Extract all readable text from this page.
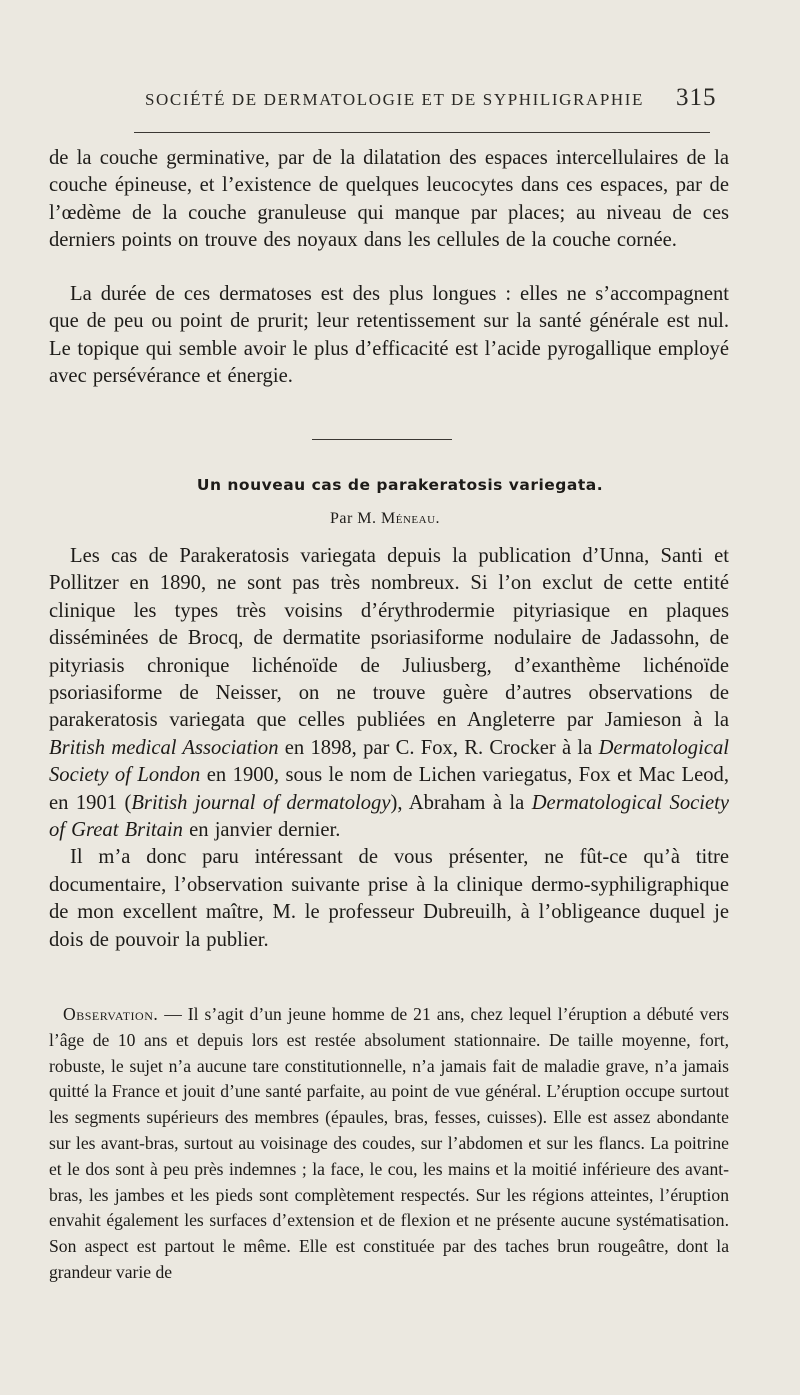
SOCIÉTÉ DE DERMATOLOGIE ET DE SYPHILIGRAPHIE 315

de la couche germinative, par de la dilatation des espaces intercellulaires de la couche épineuse, et l’existence de quelques leucocytes dans ces espaces, par de l’œdème de la couche granuleuse qui manque par places; au niveau de ces derniers points on trouve des noyaux dans les cellules de la couche cornée.

La durée de ces dermatoses est des plus longues : elles ne s’accompagnent que de peu ou point de prurit; leur retentissement sur la santé générale est nul. Le topique qui semble avoir le plus d’efficacité est l’acide pyrogallique employé avec persévérance et énergie.

Un nouveau cas de parakeratosis variegata.
Par M. Méneau.

Les cas de Parakeratosis variegata depuis la publication d’Unna, Santi et Pollitzer en 1890, ne sont pas très nombreux. Si l’on exclut de cette entité clinique les types très voisins d’érythrodermie pityriasique en plaques disséminées de Brocq, de dermatite psoriasiforme nodulaire de Jadassohn, de pityriasis chronique lichénoïde de Juliusberg, d’exanthème lichénoïde psoriasiforme de Neisser, on ne trouve guère d’autres observations de parakeratosis variegata que celles publiées en Angleterre par Jamieson à la British medical Association en 1898, par C. Fox, R. Crocker à la Dermatological Society of London en 1900, sous le nom de Lichen variegatus, Fox et Mac Leod, en 1901 (British journal of dermatology), Abraham à la Dermatological Society of Great Britain en janvier dernier.

Il m’a donc paru intéressant de vous présenter, ne fût-ce qu’à titre documentaire, l’observation suivante prise à la clinique dermo-syphiligraphique de mon excellent maître, M. le professeur Dubreuilh, à l’obligeance duquel je dois de pouvoir la publier.

Observation. — Il s’agit d’un jeune homme de 21 ans, chez lequel l’éruption a débuté vers l’âge de 10 ans et depuis lors est restée absolument stationnaire. De taille moyenne, fort, robuste, le sujet n’a aucune tare constitutionnelle, n’a jamais fait de maladie grave, n’a jamais quitté la France et jouit d’une santé parfaite, au point de vue général. L’éruption occupe surtout les segments supérieurs des membres (épaules, bras, fesses, cuisses). Elle est assez abondante sur les avant-bras, surtout au voisinage des coudes, sur l’abdomen et sur les flancs. La poitrine et le dos sont à peu près indemnes ; la face, le cou, les mains et la moitié inférieure des avant-bras, les jambes et les pieds sont complètement respectés. Sur les régions atteintes, l’éruption envahit également les surfaces d’extension et de flexion et ne présente aucune systématisation. Son aspect est partout le même. Elle est constituée par des taches brun rougeâtre, dont la grandeur varie de
